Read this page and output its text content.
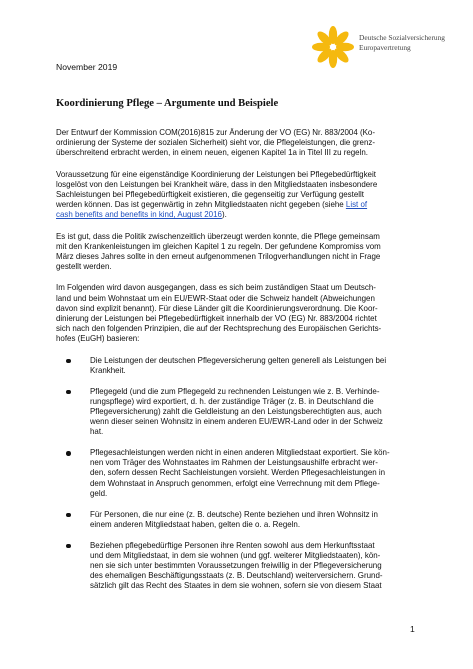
Deutsche Sozialversicherung
Europavertretung
November 2019
Koordinierung Pflege – Argumente und Beispiele
Der Entwurf der Kommission COM(2016)815 zur Änderung der VO (EG) Nr. 883/2004 (Ko-
ordinierung der Systeme der sozialen Sicherheit) sieht vor, die Pflegeleistungen, die grenz-
überschreitend erbracht werden, in einem neuen, eigenen Kapitel 1a in Titel III zu regeln.
Voraussetzung für eine eigenständige Koordinierung der Leistungen bei Pflegebedürftigkeit
losgelöst von den Leistungen bei Krankheit wäre, dass in den Mitgliedstaaten insbesondere
Sachleistungen bei Pflegebedürftigkeit existieren, die gegenseitig zur Verfügung gestellt
werden können. Das ist gegenwärtig in zehn Mitgliedstaaten nicht gegeben (siehe List of
cash benefits and benefits in kind, August 2016).
Es ist gut, dass die Politik zwischenzeitlich überzeugt werden konnte, die Pflege gemeinsam
mit den Krankenleistungen im gleichen Kapitel 1 zu regeln. Der gefundene Kompromiss vom
März dieses Jahres sollte in den erneut aufgenommenen Trilogverhandlungen nicht in Frage
gestellt werden.
Im Folgenden wird davon ausgegangen, dass es sich beim zuständigen Staat um Deutsch-
land und beim Wohnstaat um ein EU/EWR-Staat oder die Schweiz handelt (Abweichungen
davon sind explizit benannt). Für diese Länder gilt die Koordinierungsverordnung. Die Koor-
dinierung der Leistungen bei Pflegebedürftigkeit innerhalb der VO (EG) Nr. 883/2004 richtet
sich nach den folgenden Prinzipien, die auf der Rechtsprechung des Europäischen Gerichts-
hofes (EuGH) basieren:
Die Leistungen der deutschen Pflegeversicherung gelten generell als Leistungen bei
Krankheit.
Pflegegeld (und die zum Pflegegeld zu rechnenden Leistungen wie z. B. Verhinde-
rungspflege) wird exportiert, d. h. der zuständige Träger (z. B. in Deutschland die
Pflegeversicherung) zahlt die Geldleistung an den Leistungsberechtigten aus, auch
wenn dieser seinen Wohnsitz in einem anderen EU/EWR-Land oder in der Schweiz
hat.
Pflegesachleistungen werden nicht in einen anderen Mitgliedstaat exportiert. Sie kön-
nen vom Träger des Wohnstaates im Rahmen der Leistungsaushilfe erbracht wer-
den, sofern dessen Recht Sachleistungen vorsieht. Werden Pflegesachleistungen in
dem Wohnstaat in Anspruch genommen, erfolgt eine Verrechnung mit dem Pflege-
geld.
Für Personen, die nur eine (z. B. deutsche) Rente beziehen und ihren Wohnsitz in
einem anderen Mitgliedstaat haben, gelten die o. a. Regeln.
Beziehen pflegebedürftige Personen ihre Renten sowohl aus dem Herkunftsstaat
und dem Mitgliedstaat, in dem sie wohnen (und ggf. weiterer Mitgliedstaaten), kön-
nen sie sich unter bestimmten Voraussetzungen freiwillig in der Pflegeversicherung
des ehemaligen Beschäftigungsstaats (z. B. Deutschland) weiterversichern. Grund-
sätzlich gilt das Recht des Staates in dem sie wohnen, sofern sie von diesem Staat
1
